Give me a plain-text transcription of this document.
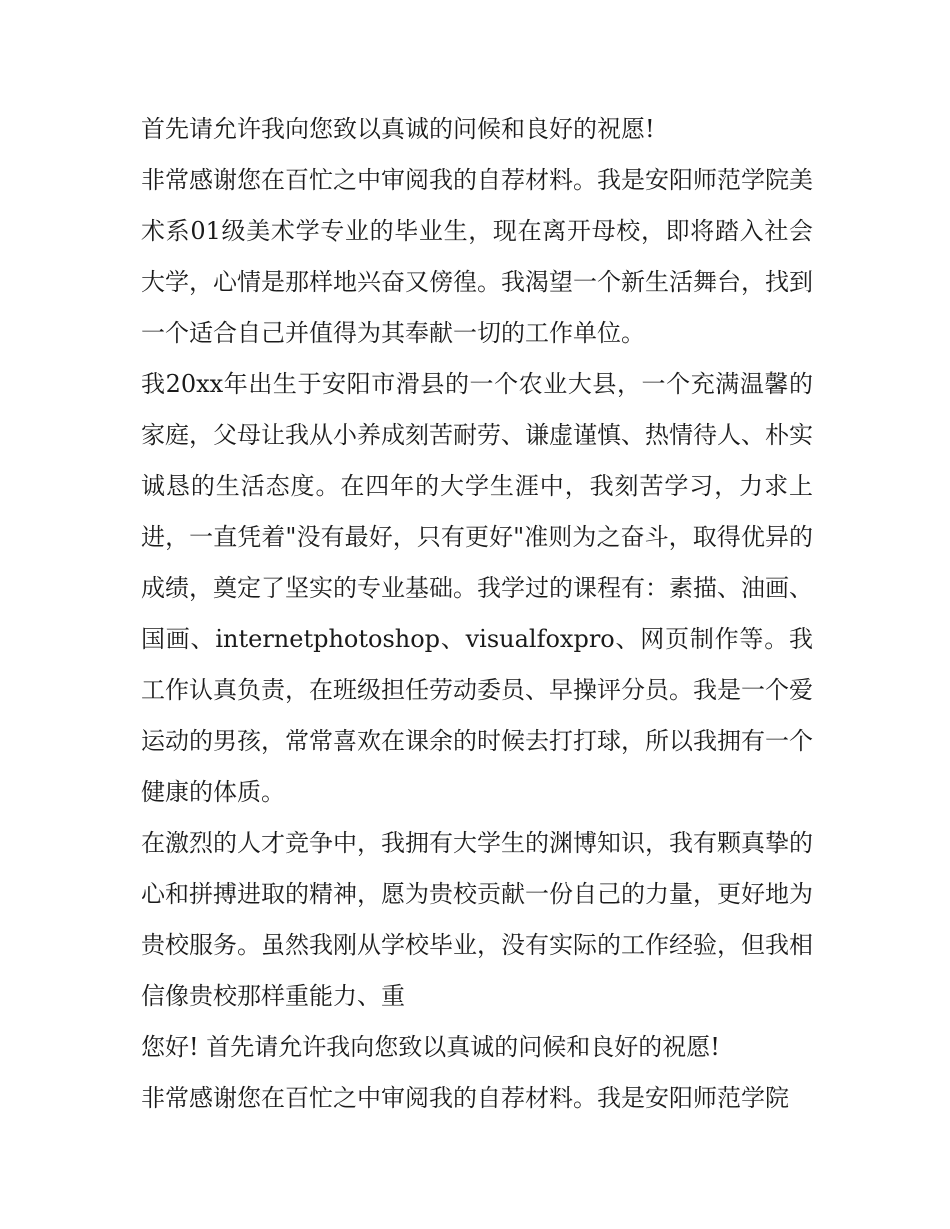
首先请允许我向您致以真诚的问候和良好的祝愿!

非常感谢您在百忙之中审阅我的自荐材料。我是安阳师范学院美术系01级美术学专业的毕业生，现在离开母校，即将踏入社会大学，心情是那样地兴奋又傍徨。我渴望一个新生活舞台，找到一个适合自己并值得为其奉献一切的工作单位。

我20xx年出生于安阳市滑县的一个农业大县，一个充满温馨的家庭，父母让我从小养成刻苦耐劳、谦虚谨慎、热情待人、朴实诚恳的生活态度。在四年的大学生涯中，我刻苦学习，力求上进，一直凭着"没有最好，只有更好"准则为之奋斗，取得优异的成绩，奠定了坚实的专业基础。我学过的课程有：素描、油画、国画、internetphotoshop、visualfoxpro、网页制作等。我工作认真负责，在班级担任劳动委员、早操评分员。我是一个爱运动的男孩，常常喜欢在课余的时候去打打球，所以我拥有一个健康的体质。

在激烈的人才竞争中，我拥有大学生的渊博知识，我有颗真挚的心和拼搏进取的精神，愿为贵校贡献一份自己的力量，更好地为贵校服务。虽然我刚从学校毕业，没有实际的工作经验，但我相信像贵校那样重能力、重

您好! 首先请允许我向您致以真诚的问候和良好的祝愿!

非常感谢您在百忙之中审阅我的自荐材料。我是安阳师范学院
